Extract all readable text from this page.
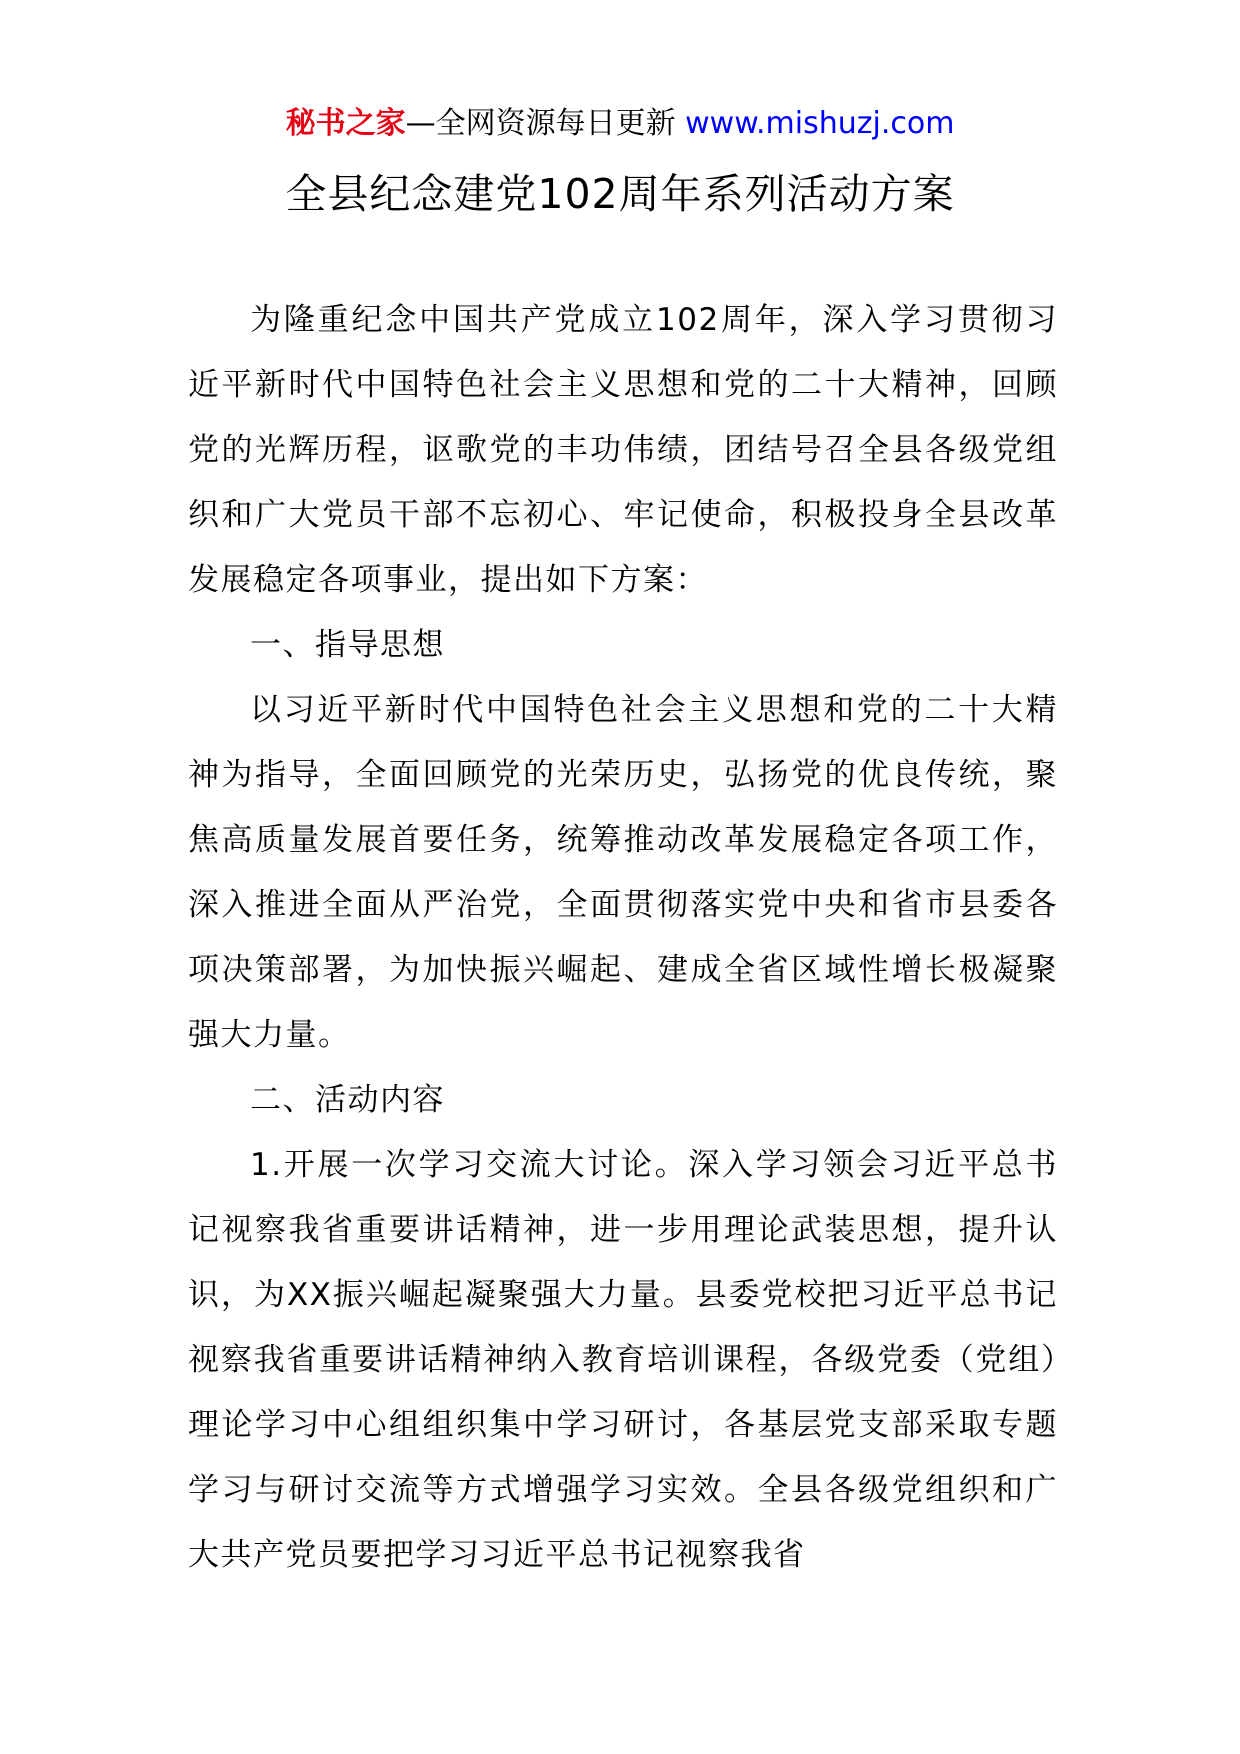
秘书之家—全网资源每日更新 www.mishuzj.com
全县纪念建党102周年系列活动方案

为隆重纪念中国共产党成立102周年，深入学习贯彻习近平新时代中国特色社会主义思想和党的二十大精神，回顾党的光辉历程，讴歌党的丰功伟绩，团结号召全县各级党组织和广大党员干部不忘初心、牢记使命，积极投身全县改革发展稳定各项事业，提出如下方案：

一、指导思想

以习近平新时代中国特色社会主义思想和党的二十大精神为指导，全面回顾党的光荣历史，弘扬党的优良传统，聚焦高质量发展首要任务，统筹推动改革发展稳定各项工作，深入推进全面从严治党，全面贯彻落实党中央和省市县委各项决策部署，为加快振兴崛起、建成全省区域性增长极凝聚强大力量。

二、活动内容

1.开展一次学习交流大讨论。深入学习领会习近平总书记视察我省重要讲话精神，进一步用理论武装思想，提升认识，为XX振兴崛起凝聚强大力量。县委党校把习近平总书记视察我省重要讲话精神纳入教育培训课程，各级党委（党组）理论学习中心组组织集中学习研讨，各基层党支部采取专题学习与研讨交流等方式增强学习实效。全县各级党组织和广大共产党员要把学习习近平总书记视察我省
